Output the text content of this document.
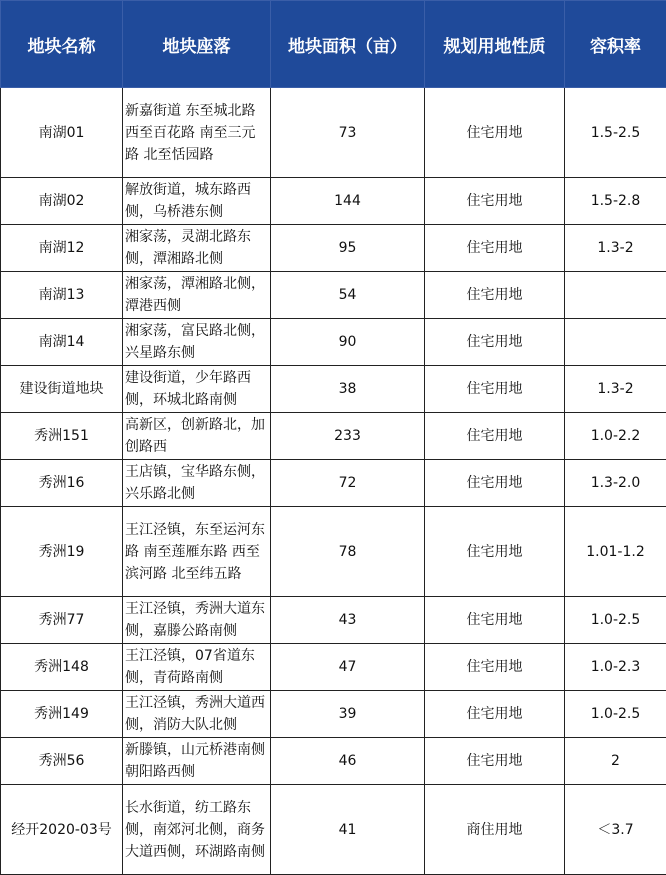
地块名称	地块座落	地块面积（亩）	规划用地性质	容积率
南湖01	新嘉街道 东至城北路 西至百花路 南至三元路 北至恬园路	73	住宅用地	1.5-2.5
南湖02	解放街道，城东路西侧，乌桥港东侧	144	住宅用地	1.5-2.8
南湖12	湘家荡，灵湖北路东侧，潭湘路北侧	95	住宅用地	1.3-2
南湖13	湘家荡，潭湘路北侧，潭港西侧	54	住宅用地	
南湖14	湘家荡，富民路北侧，兴星路东侧	90	住宅用地	
建设街道地块	建设街道，少年路西侧，环城北路南侧	38	住宅用地	1.3-2
秀洲151	高新区，创新路北，加创路西	233	住宅用地	1.0-2.2
秀洲16	王店镇，宝华路东侧，兴乐路北侧	72	住宅用地	1.3-2.0
秀洲19	王江泾镇，东至运河东路 南至莲雁东路 西至滨河路 北至纬五路	78	住宅用地	1.01-1.2
秀洲77	王江泾镇，秀洲大道东侧，嘉滕公路南侧	43	住宅用地	1.0-2.5
秀洲148	王江泾镇，07省道东侧，青荷路南侧	47	住宅用地	1.0-2.3
秀洲149	王江泾镇，秀洲大道西侧，消防大队北侧	39	住宅用地	1.0-2.5
秀洲56	新滕镇，山元桥港南侧 朝阳路西侧	46	住宅用地	2
经开2020-03号	长水街道，纺工路东侧，南郊河北侧，商务大道西侧，环湖路南侧	41	商住用地	＜3.7
